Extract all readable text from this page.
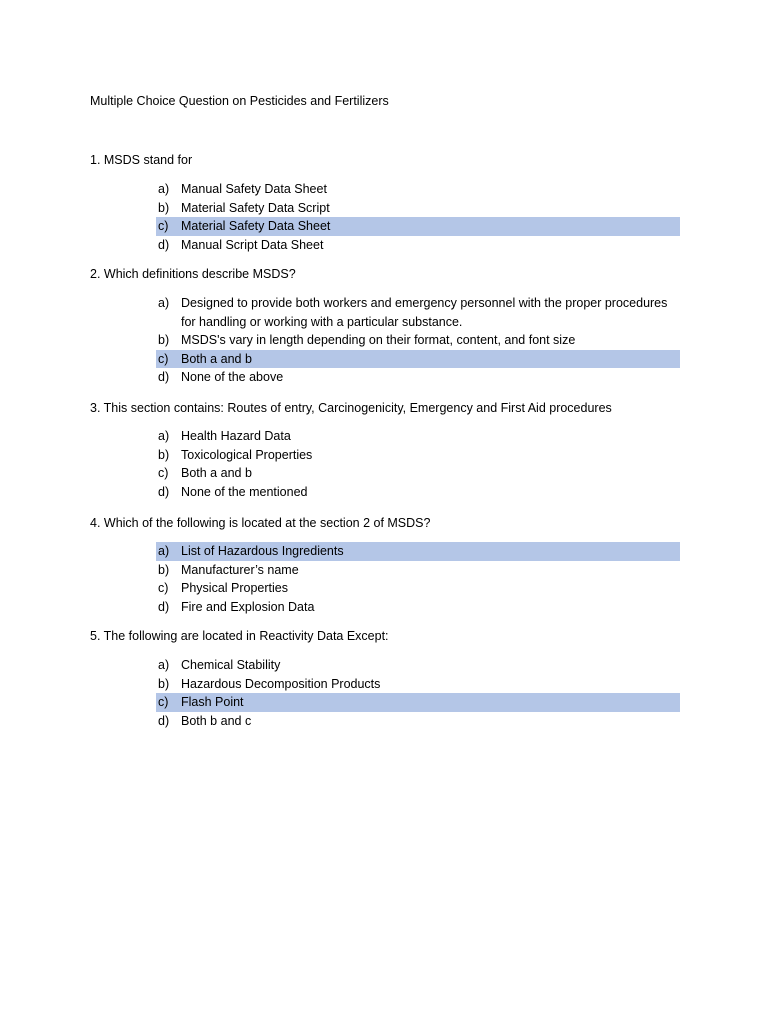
Multiple Choice Question on Pesticides and Fertilizers
1. MSDS stand for
a) Manual Safety Data Sheet
b) Material Safety Data Script
c)	Material Safety Data Sheet
d) Manual Script Data Sheet
2. Which definitions describe MSDS?
a) Designed to provide both workers and emergency personnel with the proper procedures for handling or working with a particular substance.
b) MSDS's vary in length depending on their format, content, and font size
c)	Both a and b
d) None of the above
3. This section contains: Routes of entry, Carcinogenicity, Emergency and First Aid procedures
a) Health Hazard Data
b) Toxicological Properties
c)	Both a and b
d) None of the mentioned
4. Which of the following is located at the section 2 of MSDS?
a) List of Hazardous Ingredients
b) Manufacturer’s name
c)	Physical Properties
d) Fire and Explosion Data
5. The following are located in Reactivity Data Except:
a) Chemical Stability
b) Hazardous Decomposition Products
c)	Flash Point
d) Both b and c
